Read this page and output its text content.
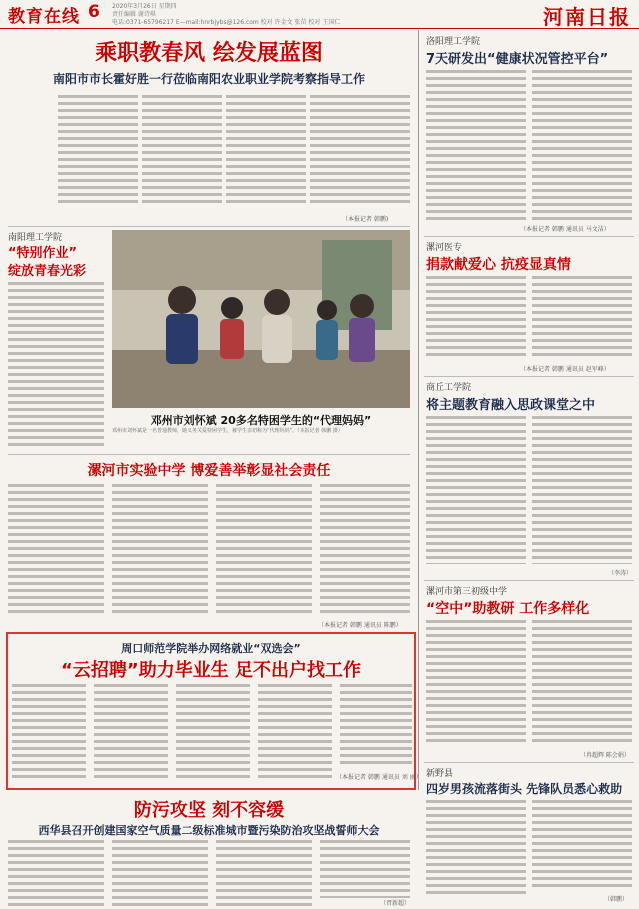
教育在线 6 2020年3月26日 星期四
责任编辑 谢诗琪
电话:0371-65796217 E—mail:hnrbjybs@126.com 校对 许金文 张苗 校对 王国仁	河南日报
乘职教春风 绘发展蓝图
南阳市市长霍好胜一行莅临南阳农业职业学院考察指导工作
（本报记者 韩鹏)
南阳理工学院
“特别作业”
绽放青春光彩
邓州市刘怀斌 20多名特困学生的“代理妈妈”
邓州市刘怀斌是一名普通教师，她义务关爱特困学生，被学生亲切称为“代理妈妈”。（本报记者 韩鹏 摄）
漯河市实验中学 博爱善举彰显社会责任
（本报记者 韩鹏 通讯员 陈鹏）
周口师范学院举办网络就业“双选会”
“云招聘”助力毕业生 足不出户找工作
（本报记者 韩鹏 通讯员 刘 丽）
防污攻坚 刻不容缓
西华县召开创建国家空气质量二级标准城市暨污染防治攻坚战誓师大会
（胥新超）
洛阳理工学院
7天研发出“健康状况管控平台”
（本报记者 韩鹏 通讯员 马文洁）
漯河医专
捐款献爱心 抗疫显真情
（本报记者 韩鹏 通讯员 赵军峰）
商丘工学院
将主题教育融入思政课堂之中
（李涛）
漯河市第三初级中学
“空中”助教研 工作多样化
（冉超辉 陈会娟）
新野县
四岁男孩流落街头 先锋队员悉心救助
（韩鹏）
